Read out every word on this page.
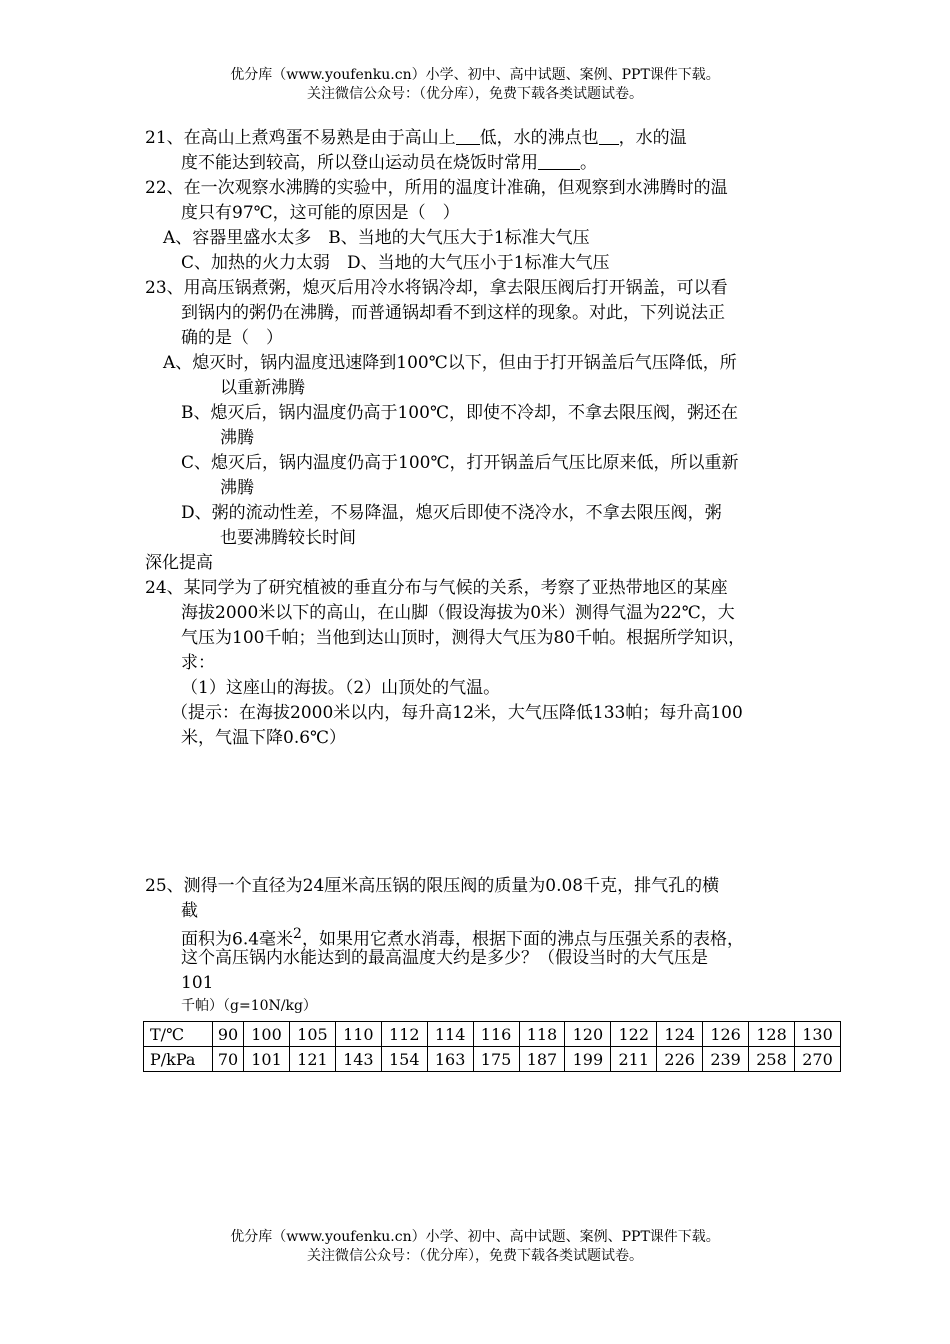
优分库（www.youfenku.cn）小学、初中、高中试题、案例、PPT课件下载。
关注微信公众号：（优分库），免费下载各类试题试卷。
21、在高山上煮鸡蛋不易熟是由于高山上 低，水的沸点也 ，水的温
度不能达到较高，所以登山运动员在烧饭时常用 。
22、在一次观察水沸腾的实验中，所用的温度计准确，但观察到水沸腾时的温
度只有97℃，这可能的原因是（　）
A、容器里盛水太多　B、当地的大气压大于1标准大气压
C、加热的火力太弱　D、当地的大气压小于1标准大气压
23、用高压锅煮粥，熄灭后用冷水将锅冷却，拿去限压阀后打开锅盖，可以看
到锅内的粥仍在沸腾，而普通锅却看不到这样的现象。对此，下列说法正
确的是（　）
A、熄灭时，锅内温度迅速降到100℃以下，但由于打开锅盖后气压降低，所
以重新沸腾
B、熄灭后，锅内温度仍高于100℃，即使不冷却，不拿去限压阀，粥还在
沸腾
C、熄灭后，锅内温度仍高于100℃，打开锅盖后气压比原来低，所以重新
沸腾
D、粥的流动性差，不易降温，熄灭后即使不浇冷水，不拿去限压阀，粥
也要沸腾较长时间
深化提高
24、某同学为了研究植被的垂直分布与气候的关系，考察了亚热带地区的某座
海拔2000米以下的高山，在山脚（假设海拔为0米）测得气温为22℃，大
气压为100千帕；当他到达山顶时，测得大气压为80千帕。根据所学知识，
求：
（1）这座山的海拔。（2）山顶处的气温。
（提示：在海拔2000米以内，每升高12米，大气压降低133帕；每升高100
米，气温下降0.6℃）
25、测得一个直径为24厘米高压锅的限压阀的质量为0.08千克，排气孔的横
截
面积为6.4毫米$^2$，如果用它煮水消毒，根据下面的沸点与压强关系的表格，
这个高压锅内水能达到的最高温度大约是多少？（假设当时的大气压是
101
千帕）（g=10N/kg）
T/℃	90	100	105	110	112	114	116	118	120	122	124	126	128	130
P/kPa	70	101	121	143	154	163	175	187	199	211	226	239	258	270
优分库（www.youfenku.cn）小学、初中、高中试题、案例、PPT课件下载。
关注微信公众号：（优分库），免费下载各类试题试卷。
